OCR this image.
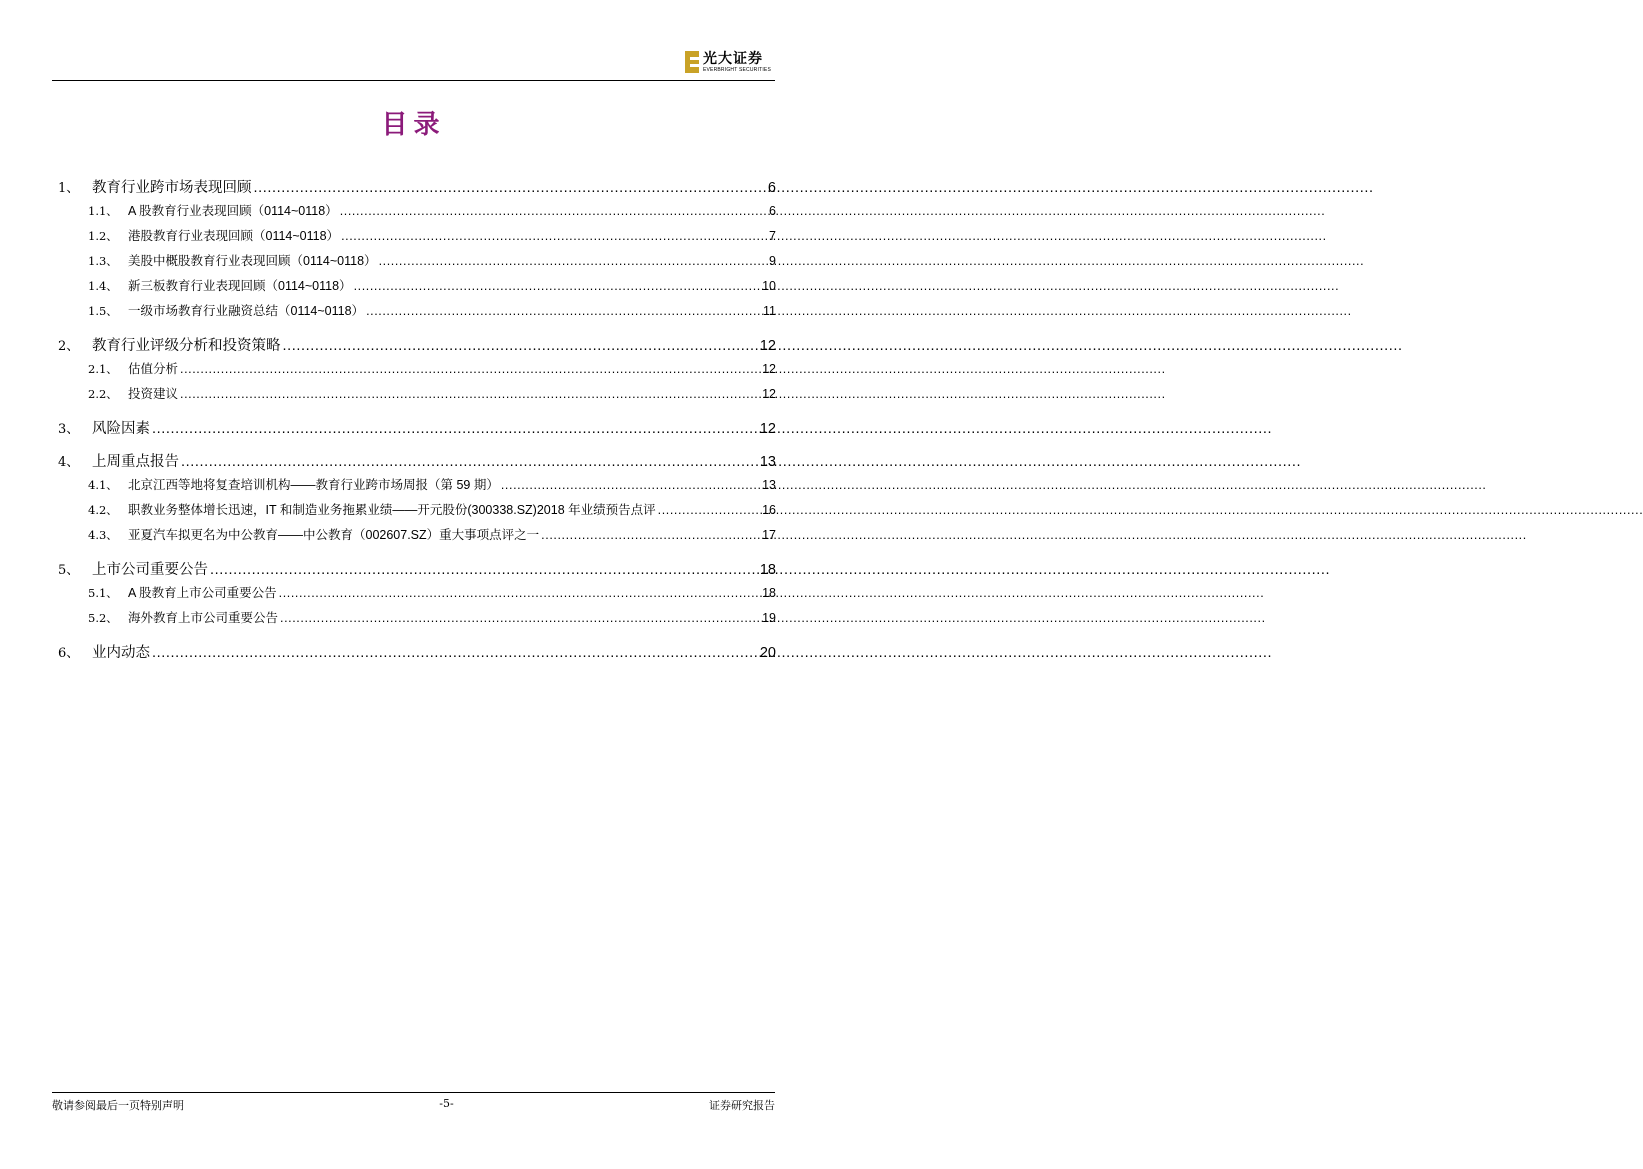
光大证券
EVERBRIGHT SECURITIES
目录
1、 教育行业跨市场表现回顾 .....	6
1.1、 A 股教育行业表现回顾（0114~0118） .....	6
1.2、 港股教育行业表现回顾（0114~0118） .....	7
1.3、 美股中概股教育行业表现回顾（0114~0118） .....	9
1.4、 新三板教育行业表现回顾（0114~0118） .....	10
1.5、 一级市场教育行业融资总结（0114~0118） .....	11
2、 教育行业评级分析和投资策略 .....	12
2.1、 估值分析 .....	12
2.2、 投资建议 .....	12
3、 风险因素 .....	12
4、 上周重点报告 .....	13
4.1、 北京江西等地将复查培训机构——教育行业跨市场周报（第 59 期） .....	13
4.2、 职教业务整体增长迅速，IT 和制造业务拖累业绩——开元股份(300338.SZ)2018 年业绩预告点评 .....	16
4.3、 亚夏汽车拟更名为中公教育——中公教育（002607.SZ）重大事项点评之一 .....	17
5、 上市公司重要公告 .....	18
5.1、 A 股教育上市公司重要公告 .....	18
5.2、 海外教育上市公司重要公告 .....	19
6、 业内动态 .....	20
敬请参阅最后一页特别声明	-5-	证券研究报告
